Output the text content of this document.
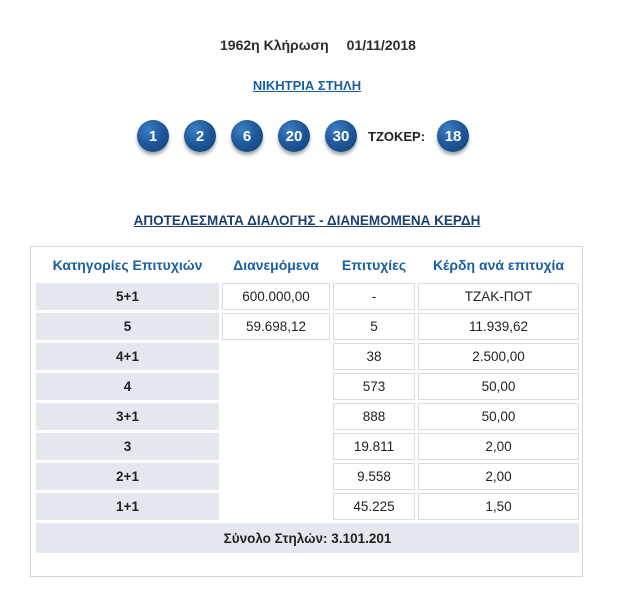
1962η Κλήρωση 01/11/2018
ΝΙΚΗΤΡΙΑ ΣΤΗΛΗ
1	2	6	20	30	ΤΖΟΚΕΡ:	18
ΑΠΟΤΕΛΕΣΜΑΤΑ ΔΙΑΛΟΓΗΣ - ΔΙΑΝΕΜΟΜΕΝΑ ΚΕΡΔΗ
Κατηγορίες Επιτυχιών	Διανεμόμενα	Επιτυχίες	Κέρδη ανά επιτυχία
5+1	600.000,00	-	ΤΖΑΚ-ΠΟΤ
5	59.698,12	5	11.939,62
4+1		38	2.500,00
4		573	50,00
3+1		888	50,00
3		19.811	2,00
2+1		9.558	2,00
1+1		45.225	1,50
Σύνολο Στηλών: 3.101.201			
